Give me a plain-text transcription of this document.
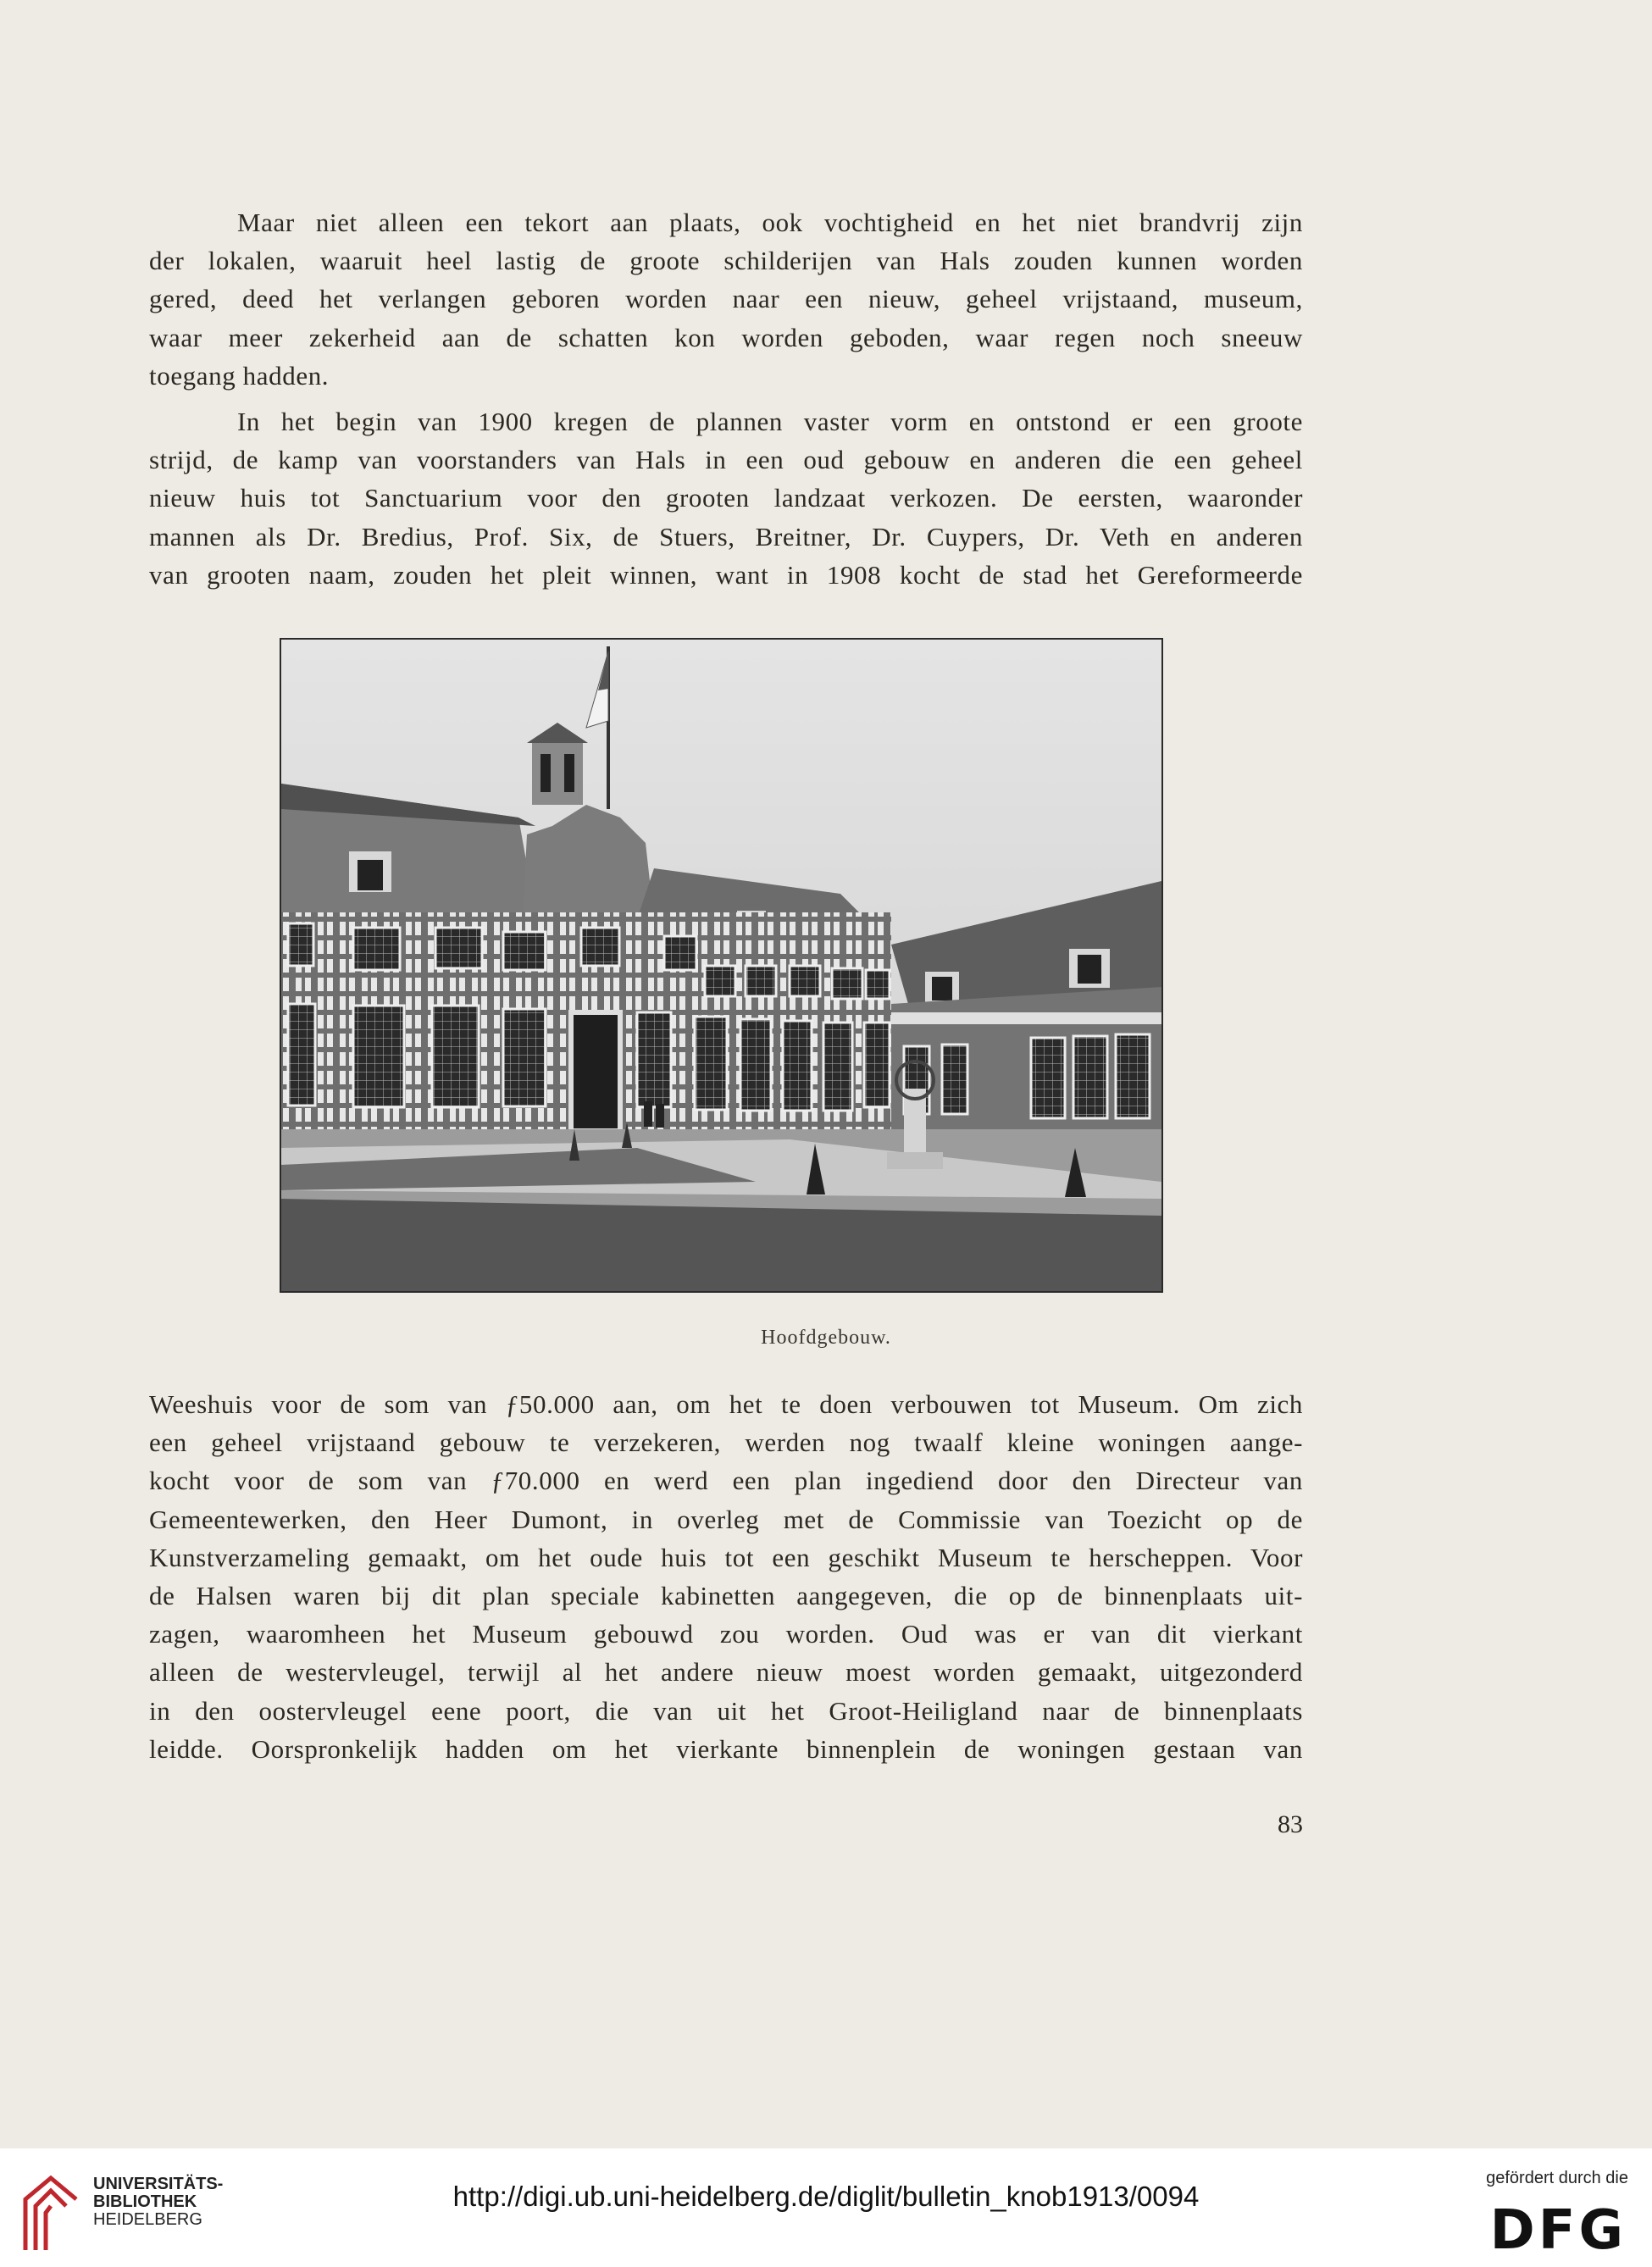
Maar niet alleen een tekort aan plaats, ook vochtigheid en het niet brandvrij zijn
der lokalen, waaruit heel lastig de groote schilderijen van Hals zouden kunnen worden
gered, deed het verlangen geboren worden naar een nieuw, geheel vrijstaand, museum,
waar meer zekerheid aan de schatten kon worden geboden, waar regen noch sneeuw
toegang hadden.
In het begin van 1900 kregen de plannen vaster vorm en ontstond er een groote
strijd, de kamp van voorstanders van Hals in een oud gebouw en anderen die een geheel
nieuw huis tot Sanctuarium voor den grooten landzaat verkozen. De eersten, waaronder
mannen als Dr. Bredius, Prof. Six, de Stuers, Breitner, Dr. Cuypers, Dr. Veth en anderen
van grooten naam, zouden het pleit winnen, want in 1908 kocht de stad het Gereformeerde
Hoofdgebouw.
Weeshuis voor de som van ƒ50.000 aan, om het te doen verbouwen tot Museum. Om zich
een geheel vrijstaand gebouw te verzekeren, werden nog twaalf kleine woningen aange-
kocht voor de som van ƒ70.000 en werd een plan ingediend door den Directeur van
Gemeentewerken, den Heer Dumont, in overleg met de Commissie van Toezicht op de
Kunstverzameling gemaakt, om het oude huis tot een geschikt Museum te herscheppen. Voor
de Halsen waren bij dit plan speciale kabinetten aangegeven, die op de binnenplaats uit-
zagen, waaromheen het Museum gebouwd zou worden. Oud was er van dit vierkant
alleen de westervleugel, terwijl al het andere nieuw moest worden gemaakt, uitgezonderd
in den oostervleugel eene poort, die van uit het Groot-Heiligland naar de binnenplaats
leidde. Oorspronkelijk hadden om het vierkante binnenplein de woningen gestaan van
83
UNIVERSITÄTS-
BIBLIOTHEK
HEIDELBERG
http://digi.ub.uni-heidelberg.de/diglit/bulletin_knob1913/0094
gefördert durch die
DFG
